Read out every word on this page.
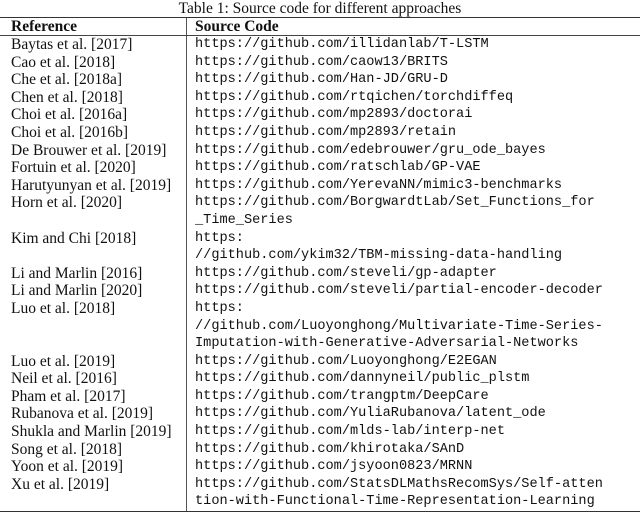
Table 1: Source code for different approaches
Reference	Source Code
Baytas et al. [2017]	https://github.com/illidanlab/T-LSTM
Cao et al. [2018]	https://github.com/caow13/BRITS
Che et al. [2018a]	https://github.com/Han-JD/GRU-D
Chen et al. [2018]	https://github.com/rtqichen/torchdiffeq
Choi et al. [2016a]	https://github.com/mp2893/doctorai
Choi et al. [2016b]	https://github.com/mp2893/retain
De Brouwer et al. [2019]	https://github.com/edebrouwer/gru_ode_bayes
Fortuin et al. [2020]	https://github.com/ratschlab/GP-VAE
Harutyunyan et al. [2019]	https://github.com/YerevaNN/mimic3-benchmarks
Horn et al. [2020]	https://github.com/BorgwardtLab/Set_Functions_for
_Time_Series
Kim and Chi [2018]	https:
//github.com/ykim32/TBM-missing-data-handling
Li and Marlin [2016]	https://github.com/steveli/gp-adapter
Li and Marlin [2020]	https://github.com/steveli/partial-encoder-decoder
Luo et al. [2018]	https:
//github.com/Luoyonghong/Multivariate-Time-Series-
Imputation-with-Generative-Adversarial-Networks
Luo et al. [2019]	https://github.com/Luoyonghong/E2EGAN
Neil et al. [2016]	https://github.com/dannyneil/public_plstm
Pham et al. [2017]	https://github.com/trangptm/DeepCare
Rubanova et al. [2019]	https://github.com/YuliaRubanova/latent_ode
Shukla and Marlin [2019]	https://github.com/mlds-lab/interp-net
Song et al. [2018]	https://github.com/khirotaka/SAnD
Yoon et al. [2019]	https://github.com/jsyoon0823/MRNN
Xu et al. [2019]	https://github.com/StatsDLMathsRecomSys/Self-atten
tion-with-Functional-Time-Representation-Learning
